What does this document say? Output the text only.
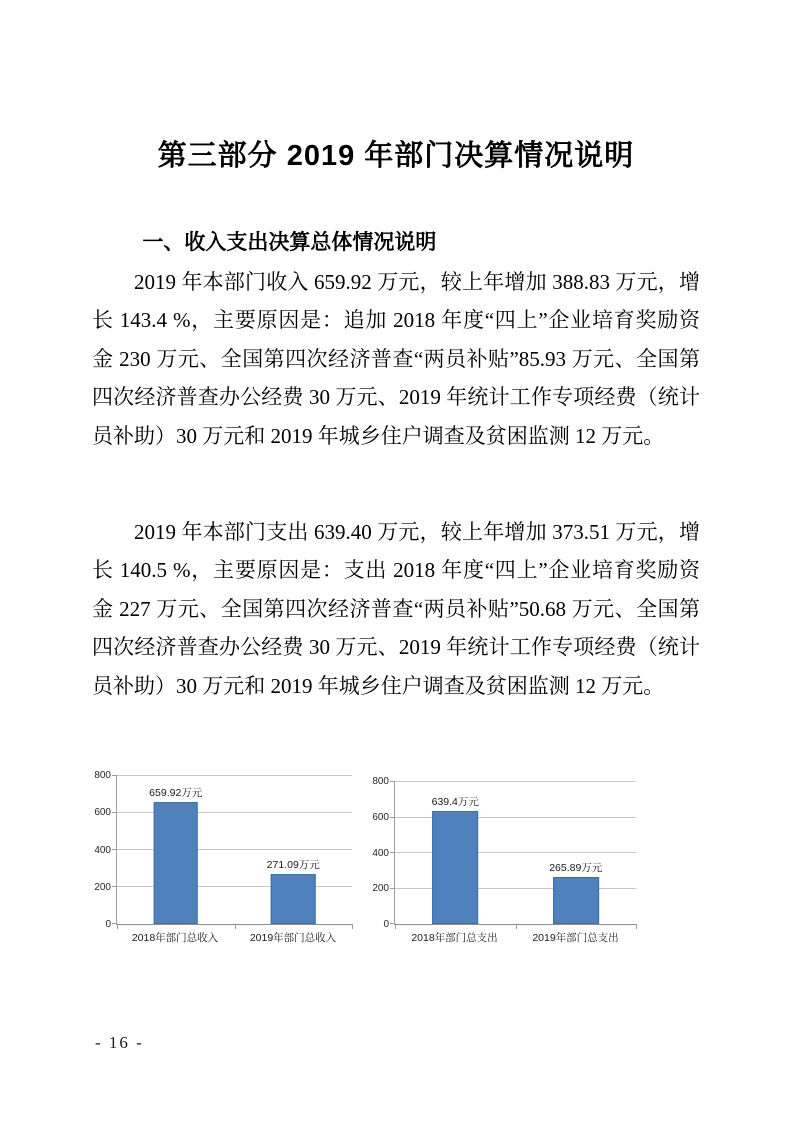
第三部分 2019 年部门决算情况说明
一、收入支出决算总体情况说明

2019 年本部门收入 659.92 万元，较上年增加 388.83 万元，增长 143.4 %，主要原因是：追加 2018 年度“四上”企业培育奖励资金 230 万元、全国第四次经济普查“两员补贴”85.93 万元、全国第四次经济普查办公经费 30 万元、2019 年统计工作专项经费（统计员补助）30 万元和 2019 年城乡住户调查及贫困监测 12 万元。

2019 年本部门支出 639.40 万元，较上年增加 373.51 万元，增长 140.5 %，主要原因是：支出 2018 年度“四上”企业培育奖励资金 227 万元、全国第四次经济普查“两员补贴”50.68 万元、全国第四次经济普查办公经费 30 万元、2019 年统计工作专项经费（统计员补助）30 万元和 2019 年城乡住户调查及贫困监测 12 万元。

0
200
400
600
800
659.92万元
271.09万元
2018年部门总收入	2019年部门总收入
0
200
400
600
800
639.4万元
265.89万元
2018年部门总支出	2019年部门总支出
- 16 -
